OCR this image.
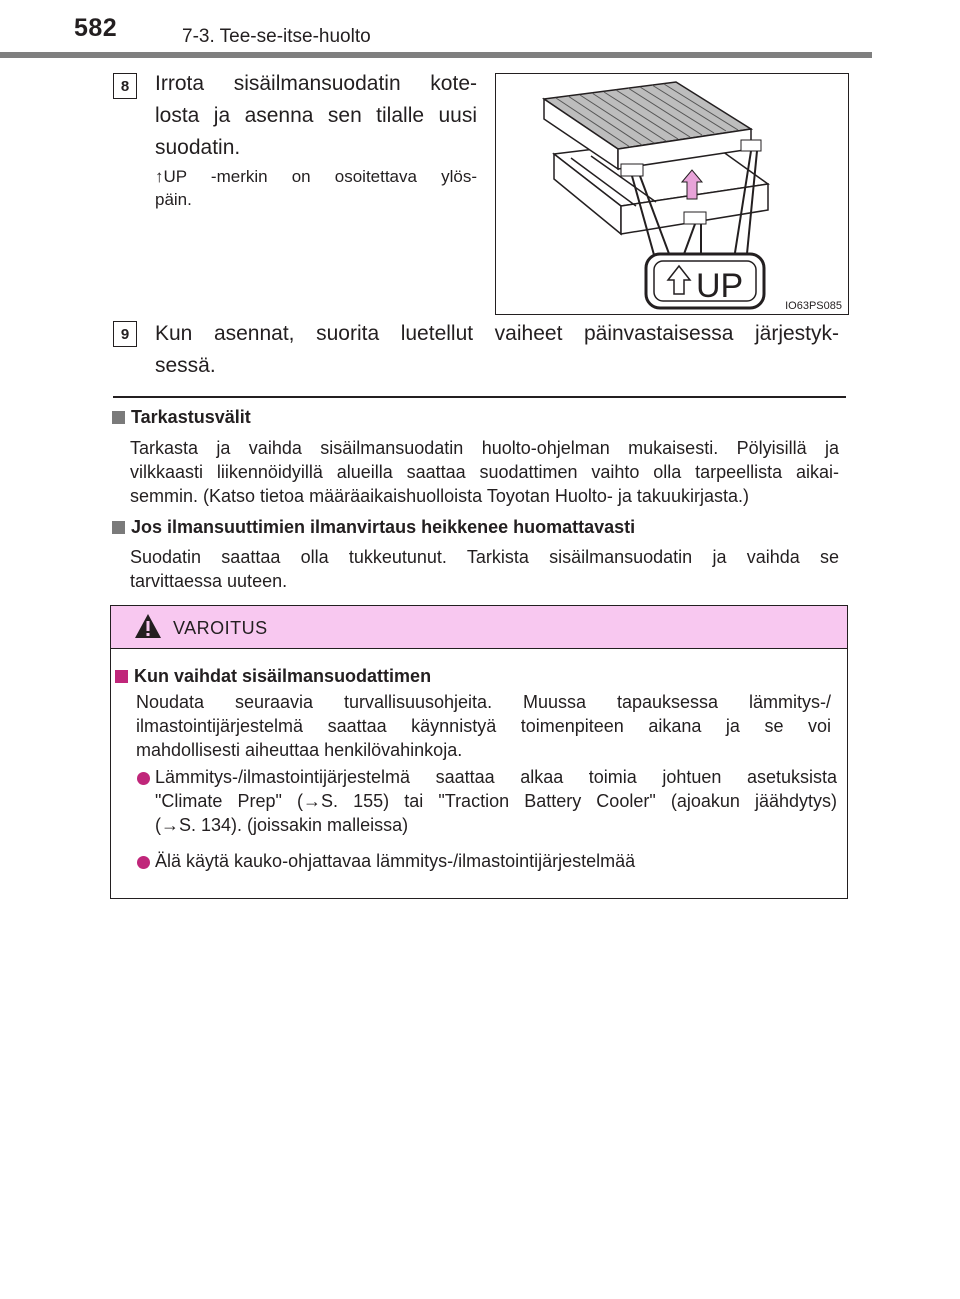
582	7-3. Tee-se-itse-huolto
8	Irrota sisäilmansuodatin kote-
losta ja asenna sen tilalle uusi
suodatin.
↑UP -merkin on osoitettava ylös-
päin.
UP
IO63PS085
9	Kun asennat, suorita luetellut vaiheet päinvastaisessa järjestyk-
sessä.
Tarkastusvälit
Tarkasta ja vaihda sisäilmansuodatin huolto-ohjelman mukaisesti. Pölyisillä ja
vilkkaasti liikennöidyillä alueilla saattaa suodattimen vaihto olla tarpeellista aikai-
semmin. (Katso tietoa määräaikaishuolloista Toyotan Huolto- ja takuukirjasta.)
Jos ilmansuuttimien ilmanvirtaus heikkenee huomattavasti
Suodatin saattaa olla tukkeutunut. Tarkista sisäilmansuodatin ja vaihda se
tarvittaessa uuteen.
VAROITUS
Kun vaihdat sisäilmansuodattimen
Noudata seuraavia turvallisuusohjeita. Muussa tapauksessa lämmitys-/
ilmastointijärjestelmä saattaa käynnistyä toimenpiteen aikana ja se voi
mahdollisesti aiheuttaa henkilövahinkoja.
Lämmitys-/ilmastointijärjestelmä saattaa alkaa toimia johtuen asetuksista
"Climate Prep" (→S. 155) tai "Traction Battery Cooler" (ajoakun jäähdytys)
(→S. 134). (joissakin malleissa)
Älä käytä kauko-ohjattavaa lämmitys-/ilmastointijärjestelmää
